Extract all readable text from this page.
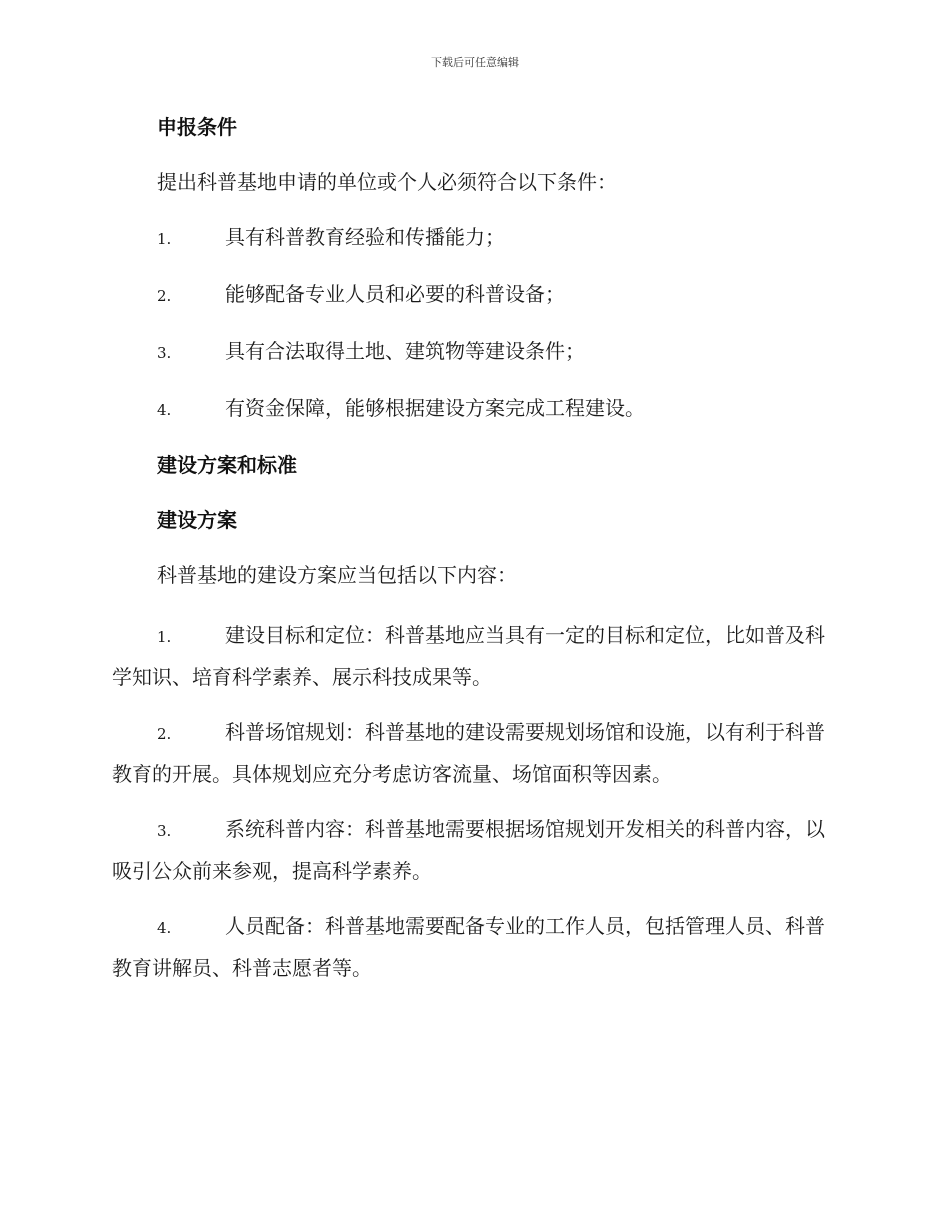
下载后可任意编辑
申报条件
提出科普基地申请的单位或个人必须符合以下条件：
1.	具有科普教育经验和传播能力；
2.	能够配备专业人员和必要的科普设备；
3.	具有合法取得土地、建筑物等建设条件；
4.	有资金保障，能够根据建设方案完成工程建设。
建设方案和标准
建设方案
科普基地的建设方案应当包括以下内容：
1.	建设目标和定位：科普基地应当具有一定的目标和定位，比如普及科学知识、培育科学素养、展示科技成果等。
2.	科普场馆规划：科普基地的建设需要规划场馆和设施，以有利于科普教育的开展。具体规划应充分考虑访客流量、场馆面积等因素。
3.	系统科普内容：科普基地需要根据场馆规划开发相关的科普内容，以吸引公众前来参观，提高科学素养。
4.	人员配备：科普基地需要配备专业的工作人员，包括管理人员、科普教育讲解员、科普志愿者等。
